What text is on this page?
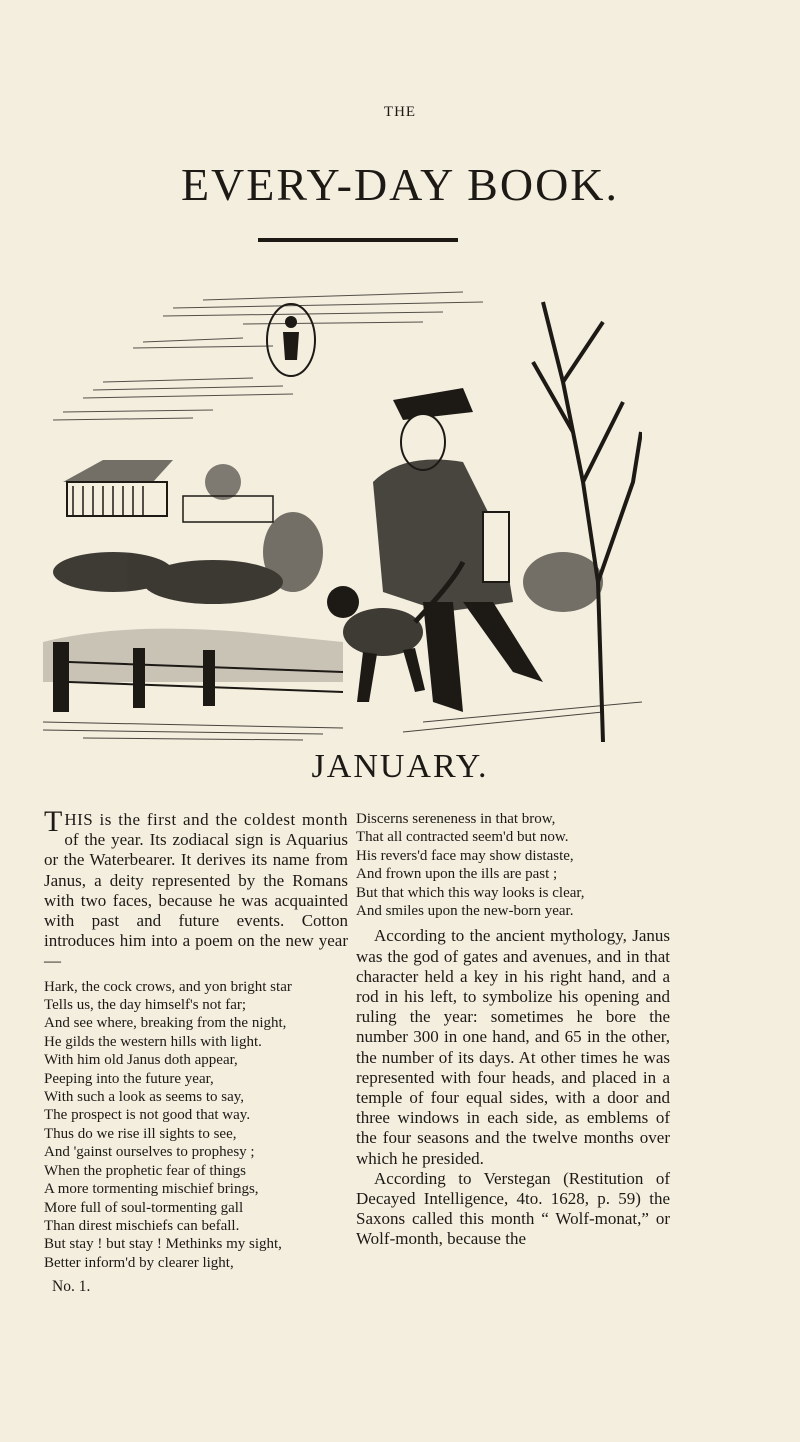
THE
EVERY-DAY BOOK.
JANUARY.

THIS is the first and the coldest month of the year. Its zodiacal sign is Aquarius or the Waterbearer. It derives its name from Janus, a deity represented by the Romans with two faces, because he was acquainted with past and future events. Cotton introduces him into a poem on the new year—

Hark, the cock crows, and yon bright star
Tells us, the day himself's not far;
And see where, breaking from the night,
He gilds the western hills with light.
With him old Janus doth appear,
Peeping into the future year,
With such a look as seems to say,
The prospect is not good that way.
Thus do we rise ill sights to see,
And 'gainst ourselves to prophesy ;
When the prophetic fear of things
A more tormenting mischief brings,
More full of soul-tormenting gall
Than direst mischiefs can befall.
But stay ! but stay ! Methinks my sight,
Better inform'd by clearer light,
No. 1.
Discerns sereneness in that brow,
That all contracted seem'd but now.
His revers'd face may show distaste,
And frown upon the ills are past ;
But that which this way looks is clear,
And smiles upon the new-born year.

According to the ancient mythology, Janus was the god of gates and avenues, and in that character held a key in his right hand, and a rod in his left, to symbolize his opening and ruling the year: sometimes he bore the number 300 in one hand, and 65 in the other, the number of its days. At other times he was represented with four heads, and placed in a temple of four equal sides, with a door and three windows in each side, as emblems of the four seasons and the twelve months over which he presided.

According to Verstegan (Restitution of Decayed Intelligence, 4to. 1628, p. 59) the Saxons called this month “ Wolf-monat,” or Wolf-month, because the
